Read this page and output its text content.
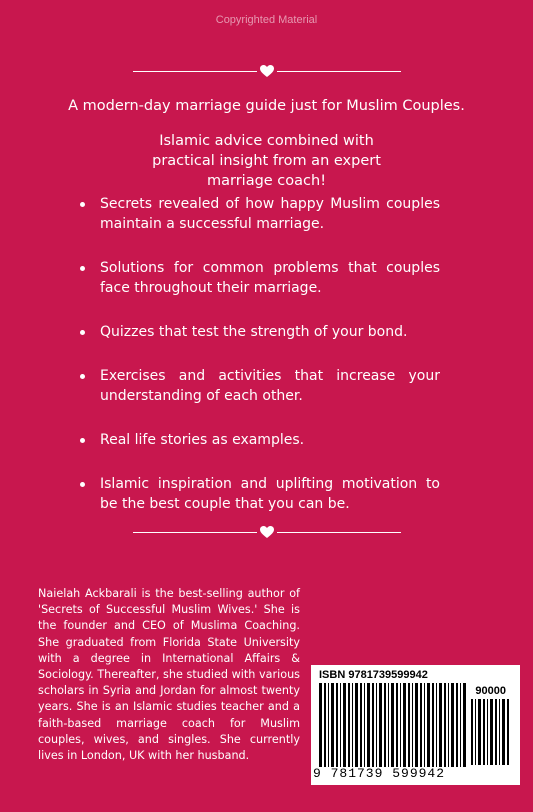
Copyrighted Material
A modern-day marriage guide just for Muslim Couples.
Islamic advice combined with practical insight from an expert marriage coach!
Secrets revealed of how happy Muslim couples maintain a successful marriage.
Solutions for common problems that couples face throughout their marriage.
Quizzes that test the strength of your bond.
Exercises and activities that increase your understanding of each other.
Real life stories as examples.
Islamic inspiration and uplifting motivation to be the best couple that you can be.
Naielah Ackbarali is the best-selling author of 'Secrets of Successful Muslim Wives.' She is the founder and CEO of Muslima Coaching. She graduated from Florida State University with a degree in International Affairs & Sociology. Thereafter, she studied with various scholars in Syria and Jordan for almost twenty years. She is an Islamic studies teacher and a faith-based marriage coach for Muslim couples, wives, and singles. She currently lives in London, UK with her husband.
ISBN 9781739599942
90000
9 781739 599942
